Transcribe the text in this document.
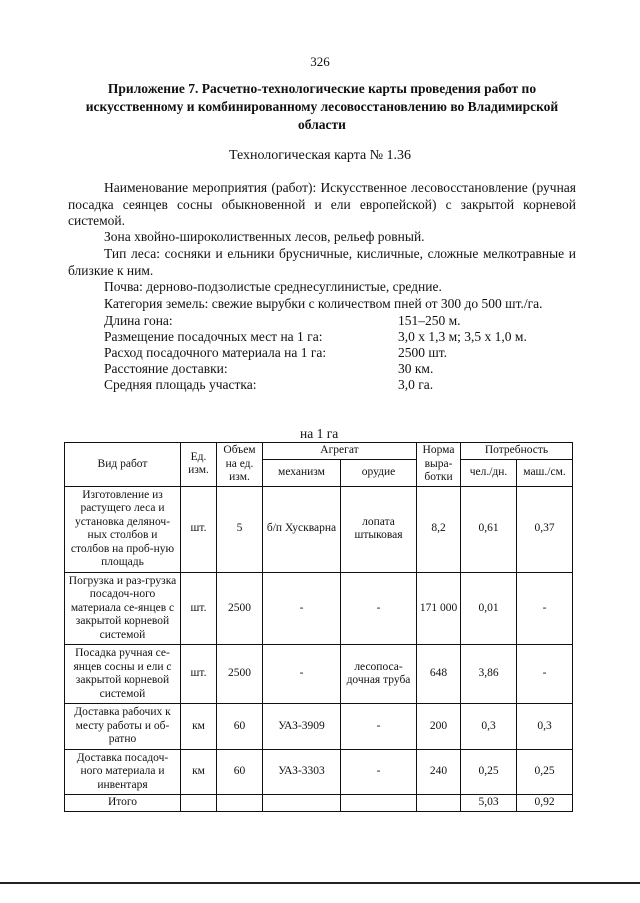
326
Приложение 7. Расчетно-технологические карты проведения работ по искусственному и комбинированному лесовосстановлению во Владимирской области
Технологическая карта № 1.36

Наименование мероприятия (работ): Искусственное лесовосстановление (ручная посадка сеянцев сосны обыкновенной и ели европейской) с закрытой корневой системой.

Зона хвойно-широколиственных лесов, рельеф ровный.

Тип леса: сосняки и ельники брусничные, кисличные, сложные мелкотравные и близкие к ним.

Почва: дерново-подзолистые среднесуглинистые, средние.

Категория земель: свежие вырубки с количеством пней от 300 до 500 шт./га.

Длина гона:	151–250 м.
Размещение посадочных мест на 1 га:	3,0 х 1,3 м; 3,5 х 1,0 м.
Расход посадочного материала на 1 га:	2500 шт.
Расстояние доставки:	30 км.
Средняя площадь участка:	3,0 га.
на 1 га
Вид работ	Ед. изм.	Объем на ед. изм.	Агрегат		Норма выра-ботки	Потребность	
			механизм	орудие		чел./дн.	маш./см.
Изготовление из растущего леса и установка деляноч-ных столбов и столбов на проб-ную площадь	шт.	5	б/п Хускварна	лопата штыковая	8,2	0,61	0,37
Погрузка и раз-грузка посадоч-ного материала се-янцев с закрытой корневой системой	шт.	2500	-	-	171 000	0,01	-
Посадка ручная се-янцев сосны и ели с закрытой корневой системой	шт.	2500	-	лесопоса-дочная труба	648	3,86	-
Доставка рабочих к месту работы и об-ратно	км	60	УАЗ-3909	-	200	0,3	0,3
Доставка посадоч-ного материала и инвентаря	км	60	УАЗ-3303	-	240	0,25	0,25
Итого						5,03	0,92
